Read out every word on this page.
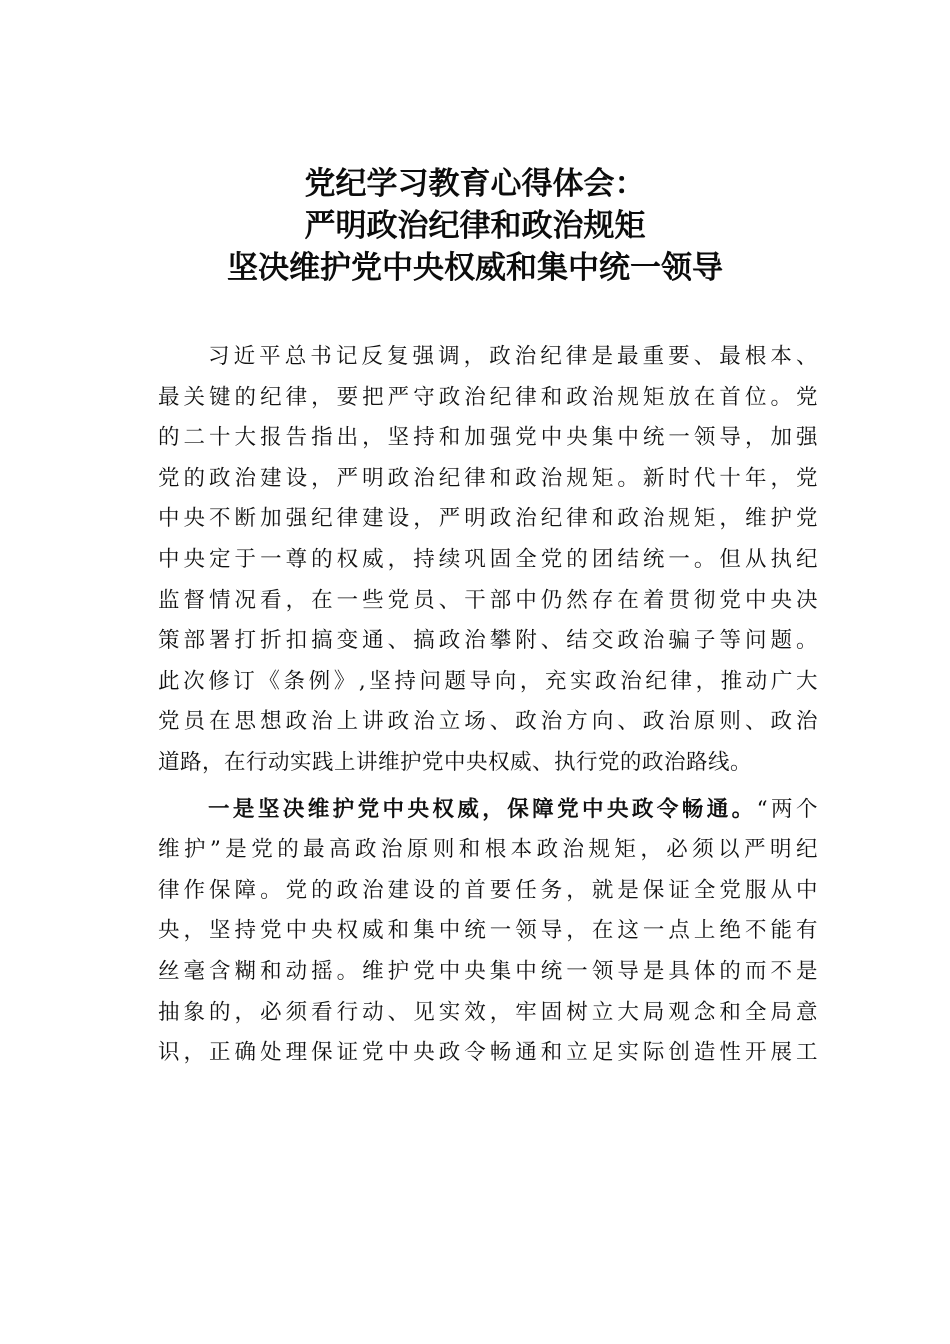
党纪学习教育心得体会：
严明政治纪律和政治规矩
坚决维护党中央权威和集中统一领导
习近平总书记反复强调，政治纪律是最重要、最根本、
最关键的纪律，要把严守政治纪律和政治规矩放在首位。党
的二十大报告指出，坚持和加强党中央集中统一领导，加强
党的政治建设，严明政治纪律和政治规矩。新时代十年，党
中央不断加强纪律建设，严明政治纪律和政治规矩，维护党
中央定于一尊的权威，持续巩固全党的团结统一。但从执纪
监督情况看，在一些党员、干部中仍然存在着贯彻党中央决
策部署打折扣搞变通、搞政治攀附、结交政治骗子等问题。
此次修订《条例》,坚持问题导向，充实政治纪律，推动广大
党员在思想政治上讲政治立场、政治方向、政治原则、政治
道路，在行动实践上讲维护党中央权威、执行党的政治路线。
一是坚决维护党中央权威，保障党中央政令畅通。“两个
维护”是党的最高政治原则和根本政治规矩，必须以严明纪
律作保障。党的政治建设的首要任务，就是保证全党服从中
央，坚持党中央权威和集中统一领导，在这一点上绝不能有
丝毫含糊和动摇。维护党中央集中统一领导是具体的而不是
抽象的，必须看行动、见实效，牢固树立大局观念和全局意
识，正确处理保证党中央政令畅通和立足实际创造性开展工
